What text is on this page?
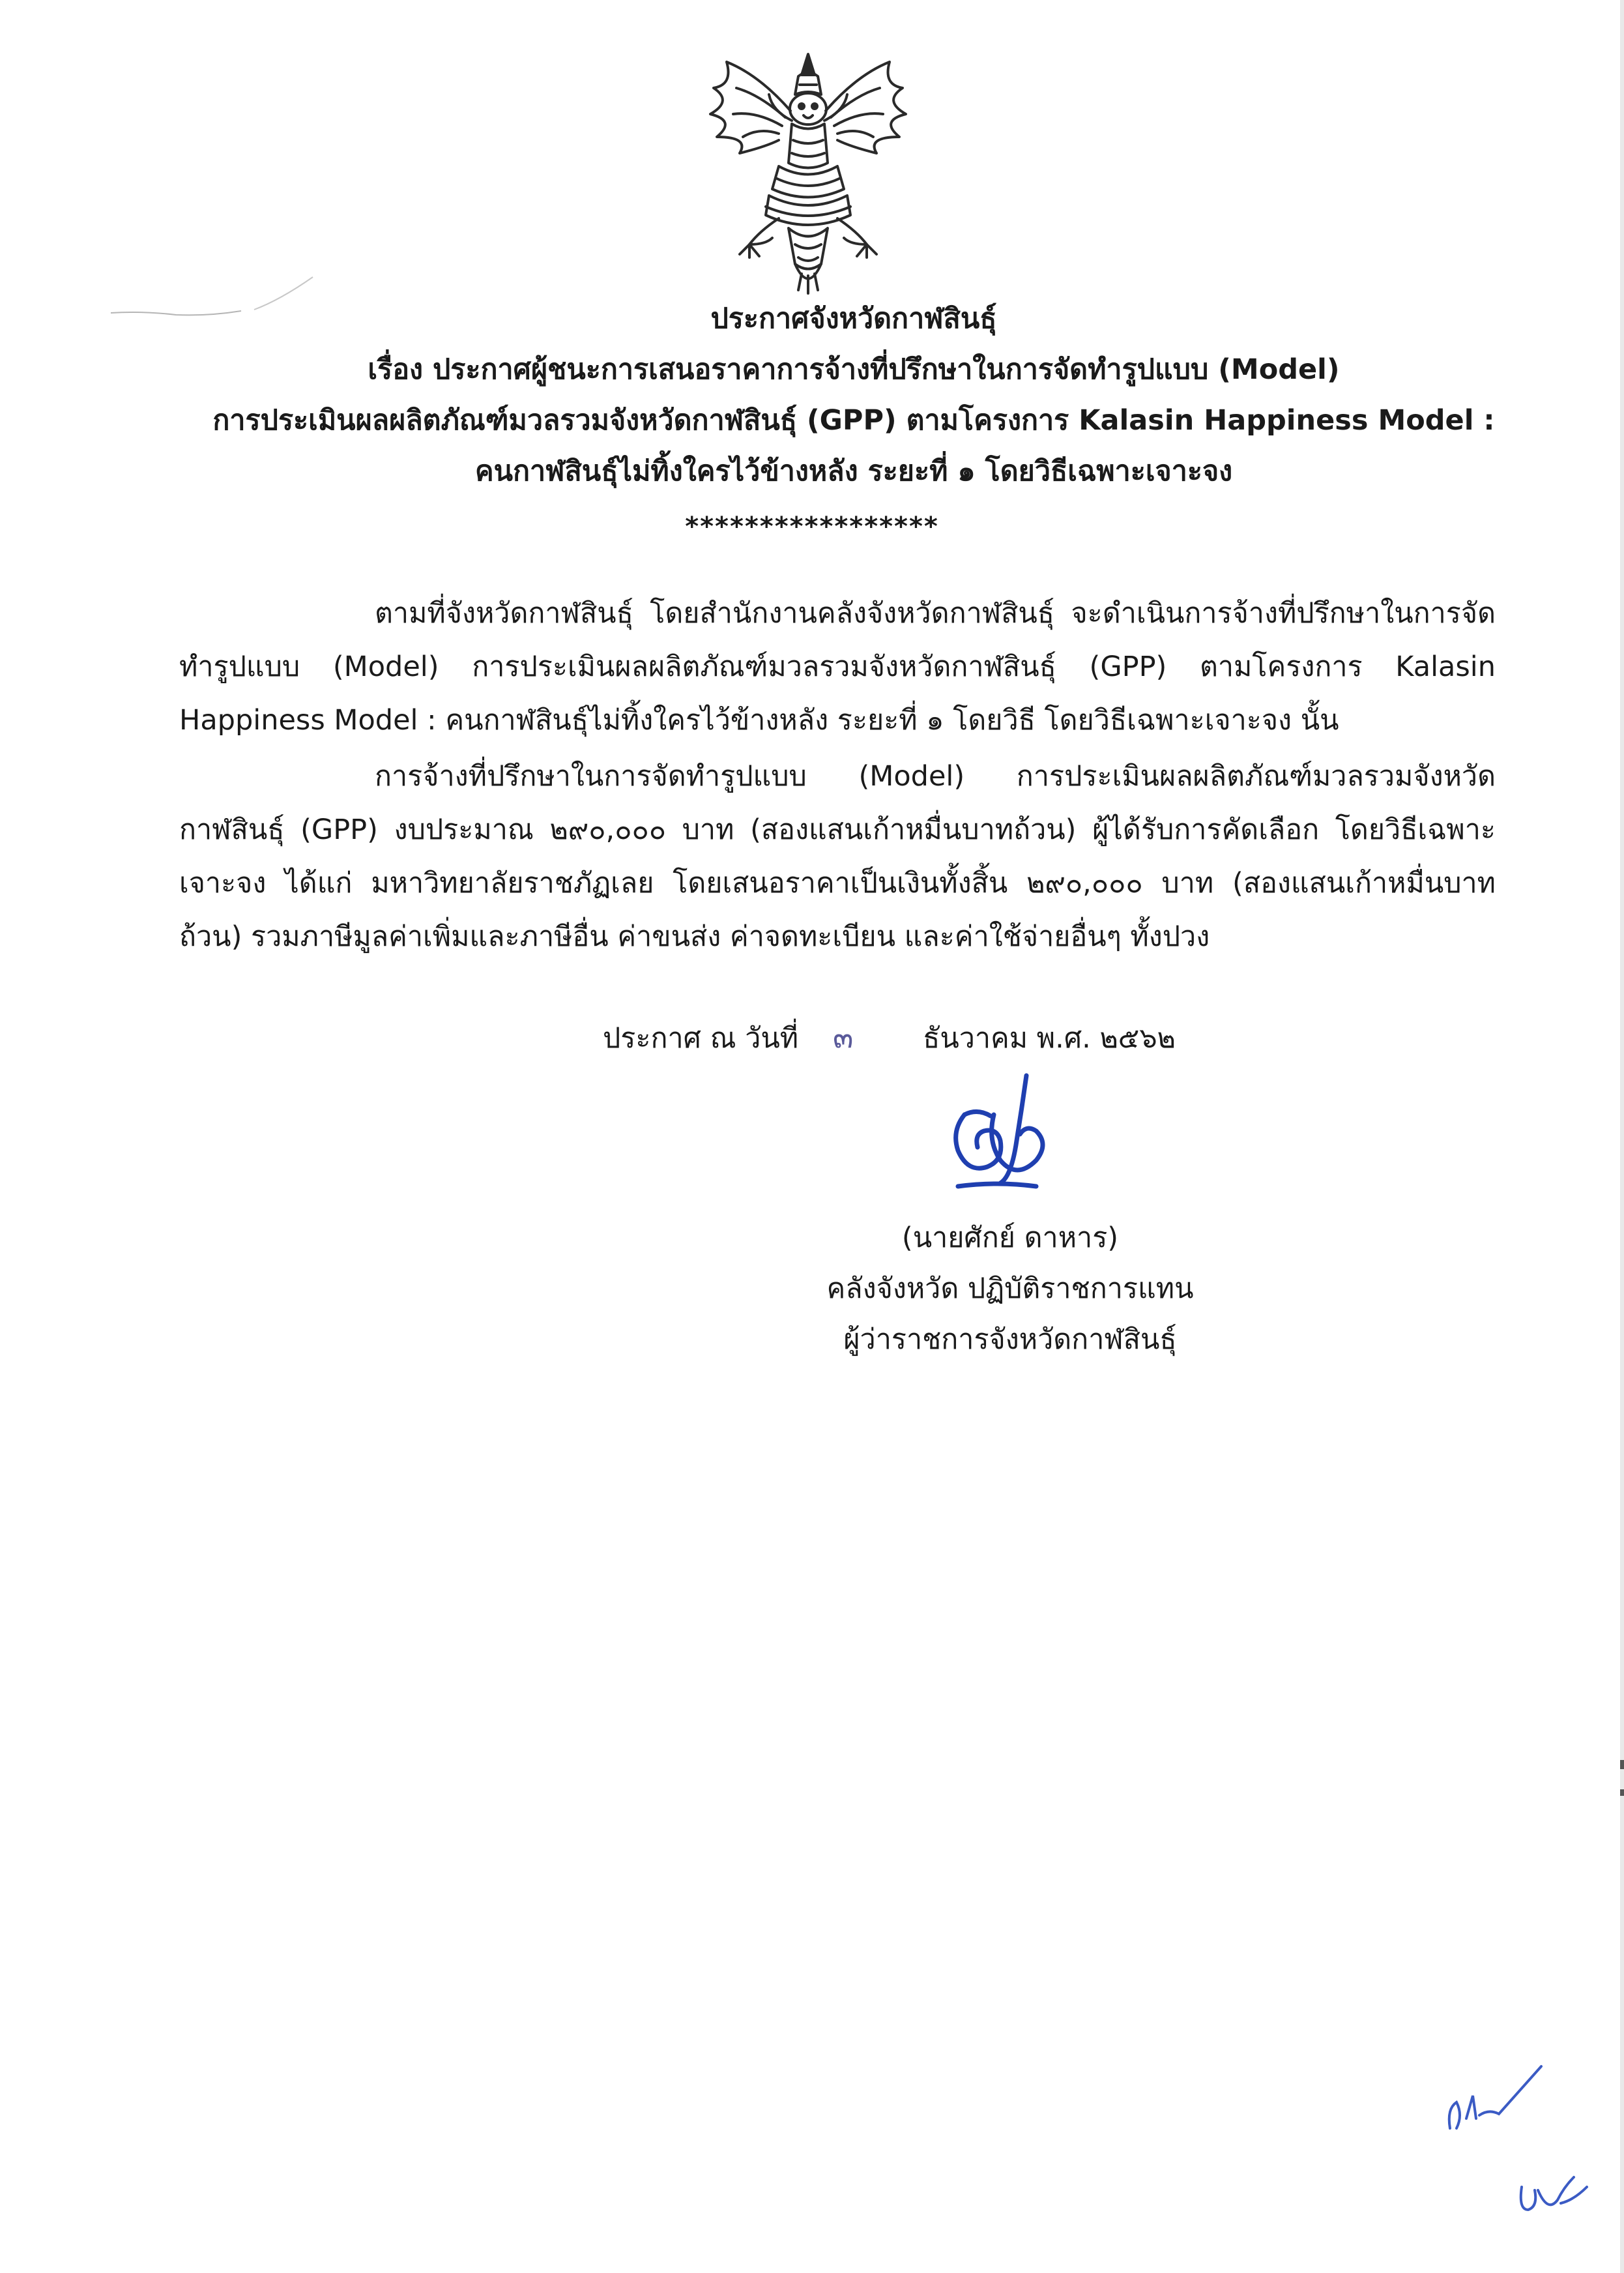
ประกาศจังหวัดกาฬสินธุ์
เรื่อง ประกาศผู้ชนะการเสนอราคาการจ้างที่ปรึกษาในการจัดทำรูปแบบ (Model)
การประเมินผลผลิตภัณฑ์มวลรวมจังหวัดกาฬสินธุ์ (GPP) ตามโครงการ Kalasin Happiness Model :
คนกาฬสินธุ์ไม่ทิ้งใครไว้ข้างหลัง ระยะที่ ๑ โดยวิธีเฉพาะเจาะจง
*****************
ตามที่จังหวัดกาฬสินธุ์ โดยสำนักงานคลังจังหวัดกาฬสินธุ์ จะดำเนินการจ้างที่ปรึกษาในการจัดทำรูปแบบ (Model) การประเมินผลผลิตภัณฑ์มวลรวมจังหวัดกาฬสินธุ์ (GPP) ตามโครงการ Kalasin Happiness Model : คนกาฬสินธุ์ไม่ทิ้งใครไว้ข้างหลัง ระยะที่ ๑ โดยวิธี โดยวิธีเฉพาะเจาะจง นั้น
การจ้างที่ปรึกษาในการจัดทำรูปแบบ (Model) การประเมินผลผลิตภัณฑ์มวลรวมจังหวัดกาฬสินธุ์ (GPP) งบประมาณ ๒๙๐,๐๐๐ บาท (สองแสนเก้าหมื่นบาทถ้วน) ผู้ได้รับการคัดเลือก โดยวิธีเฉพาะเจาะจง ได้แก่ มหาวิทยาลัยราชภัฏเลย โดยเสนอราคาเป็นเงินทั้งสิ้น ๒๙๐,๐๐๐ บาท (สองแสนเก้าหมื่นบาทถ้วน) รวมภาษีมูลค่าเพิ่มและภาษีอื่น ค่าขนส่ง ค่าจดทะเบียน และค่าใช้จ่ายอื่นๆ ทั้งปวง
ประกาศ ณ วันที่ ๓ ธันวาคม พ.ศ. ๒๕๖๒
(นายศักย์ ดาหาร)
คลังจังหวัด ปฏิบัติราชการแทน
ผู้ว่าราชการจังหวัดกาฬสินธุ์
